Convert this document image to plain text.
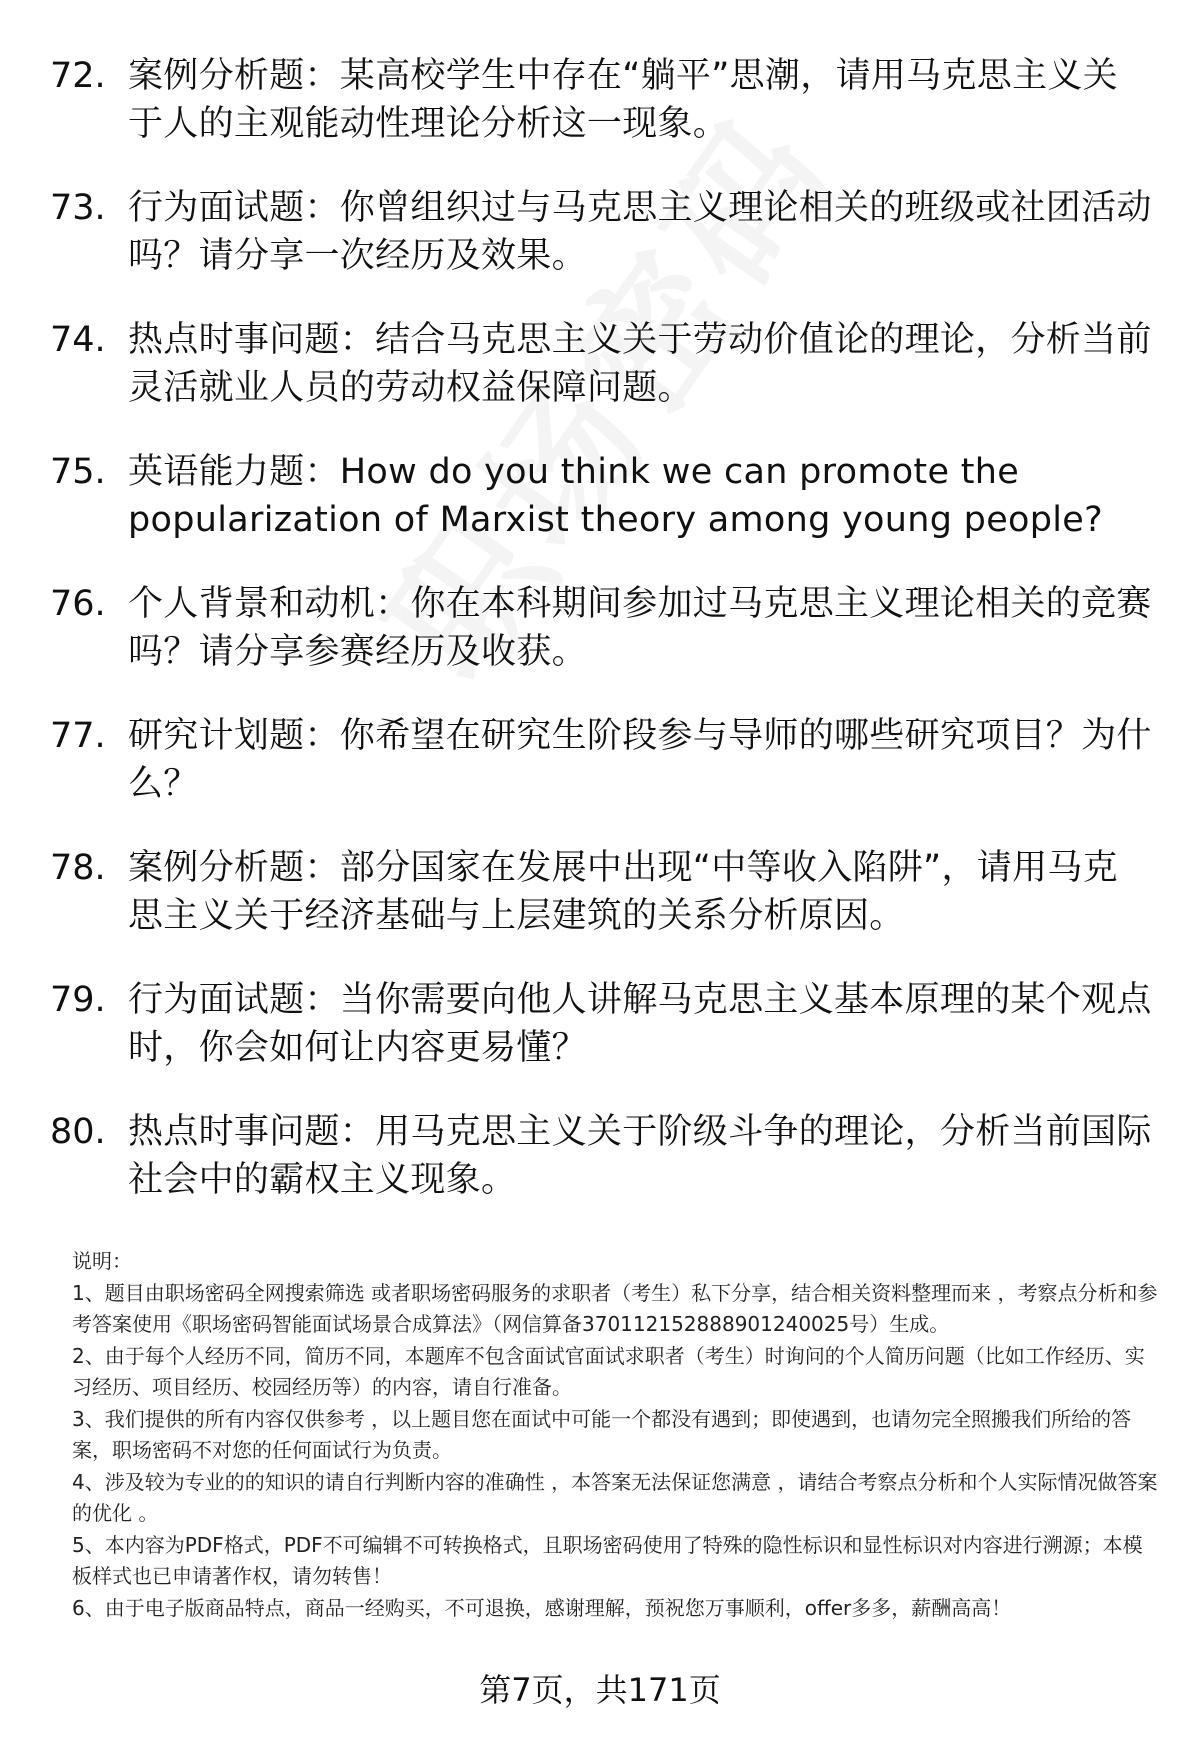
72. 案例分析题：某高校学生中存在“躺平”思潮，请用马克思主义关于人的主观能动性理论分析这一现象。
73. 行为面试题：你曾组织过与马克思主义理论相关的班级或社团活动吗？请分享一次经历及效果。
74. 热点时事问题：结合马克思主义关于劳动价值论的理论，分析当前灵活就业人员的劳动权益保障问题。
75. 英语能力题：How do you think we can promote the popularization of Marxist theory among young people?
76. 个人背景和动机：你在本科期间参加过马克思主义理论相关的竞赛吗？请分享参赛经历及收获。
77. 研究计划题：你希望在研究生阶段参与导师的哪些研究项目？为什么？
78. 案例分析题：部分国家在发展中出现“中等收入陷阱”，请用马克思主义关于经济基础与上层建筑的关系分析原因。
79. 行为面试题：当你需要向他人讲解马克思主义基本原理的某个观点时，你会如何让内容更易懂？
80. 热点时事问题：用马克思主义关于阶级斗争的理论，分析当前国际社会中的霸权主义现象。

说明：

1、题目由职场密码全网搜索筛选 或者职场密码服务的求职者（考生）私下分享，结合相关资料整理而来 ，考察点分析和参考答案使用《职场密码智能面试场景合成算法》（网信算备370112152888901240025号）生成。

2、由于每个人经历不同，简历不同，本题库不包含面试官面试求职者（考生）时询问的个人简历问题（比如工作经历、实习经历、项目经历、校园经历等）的内容，请自行准备。

3、我们提供的所有内容仅供参考 ，以上题目您在面试中可能一个都没有遇到；即使遇到，也请勿完全照搬我们所给的答案，职场密码不对您的任何面试行为负责。

4、涉及较为专业的的知识的请自行判断内容的准确性 ，本答案无法保证您满意 ，请结合考察点分析和个人实际情况做答案的优化 。

5、本内容为PDF格式，PDF不可编辑不可转换格式，且职场密码使用了特殊的隐性标识和显性标识对内容进行溯源；本模板样式也已申请著作权，请勿转售！

6、由于电子版商品特点，商品一经购买，不可退换，感谢理解，预祝您万事顺利，offer多多，薪酬高高！

第7页，共171页
